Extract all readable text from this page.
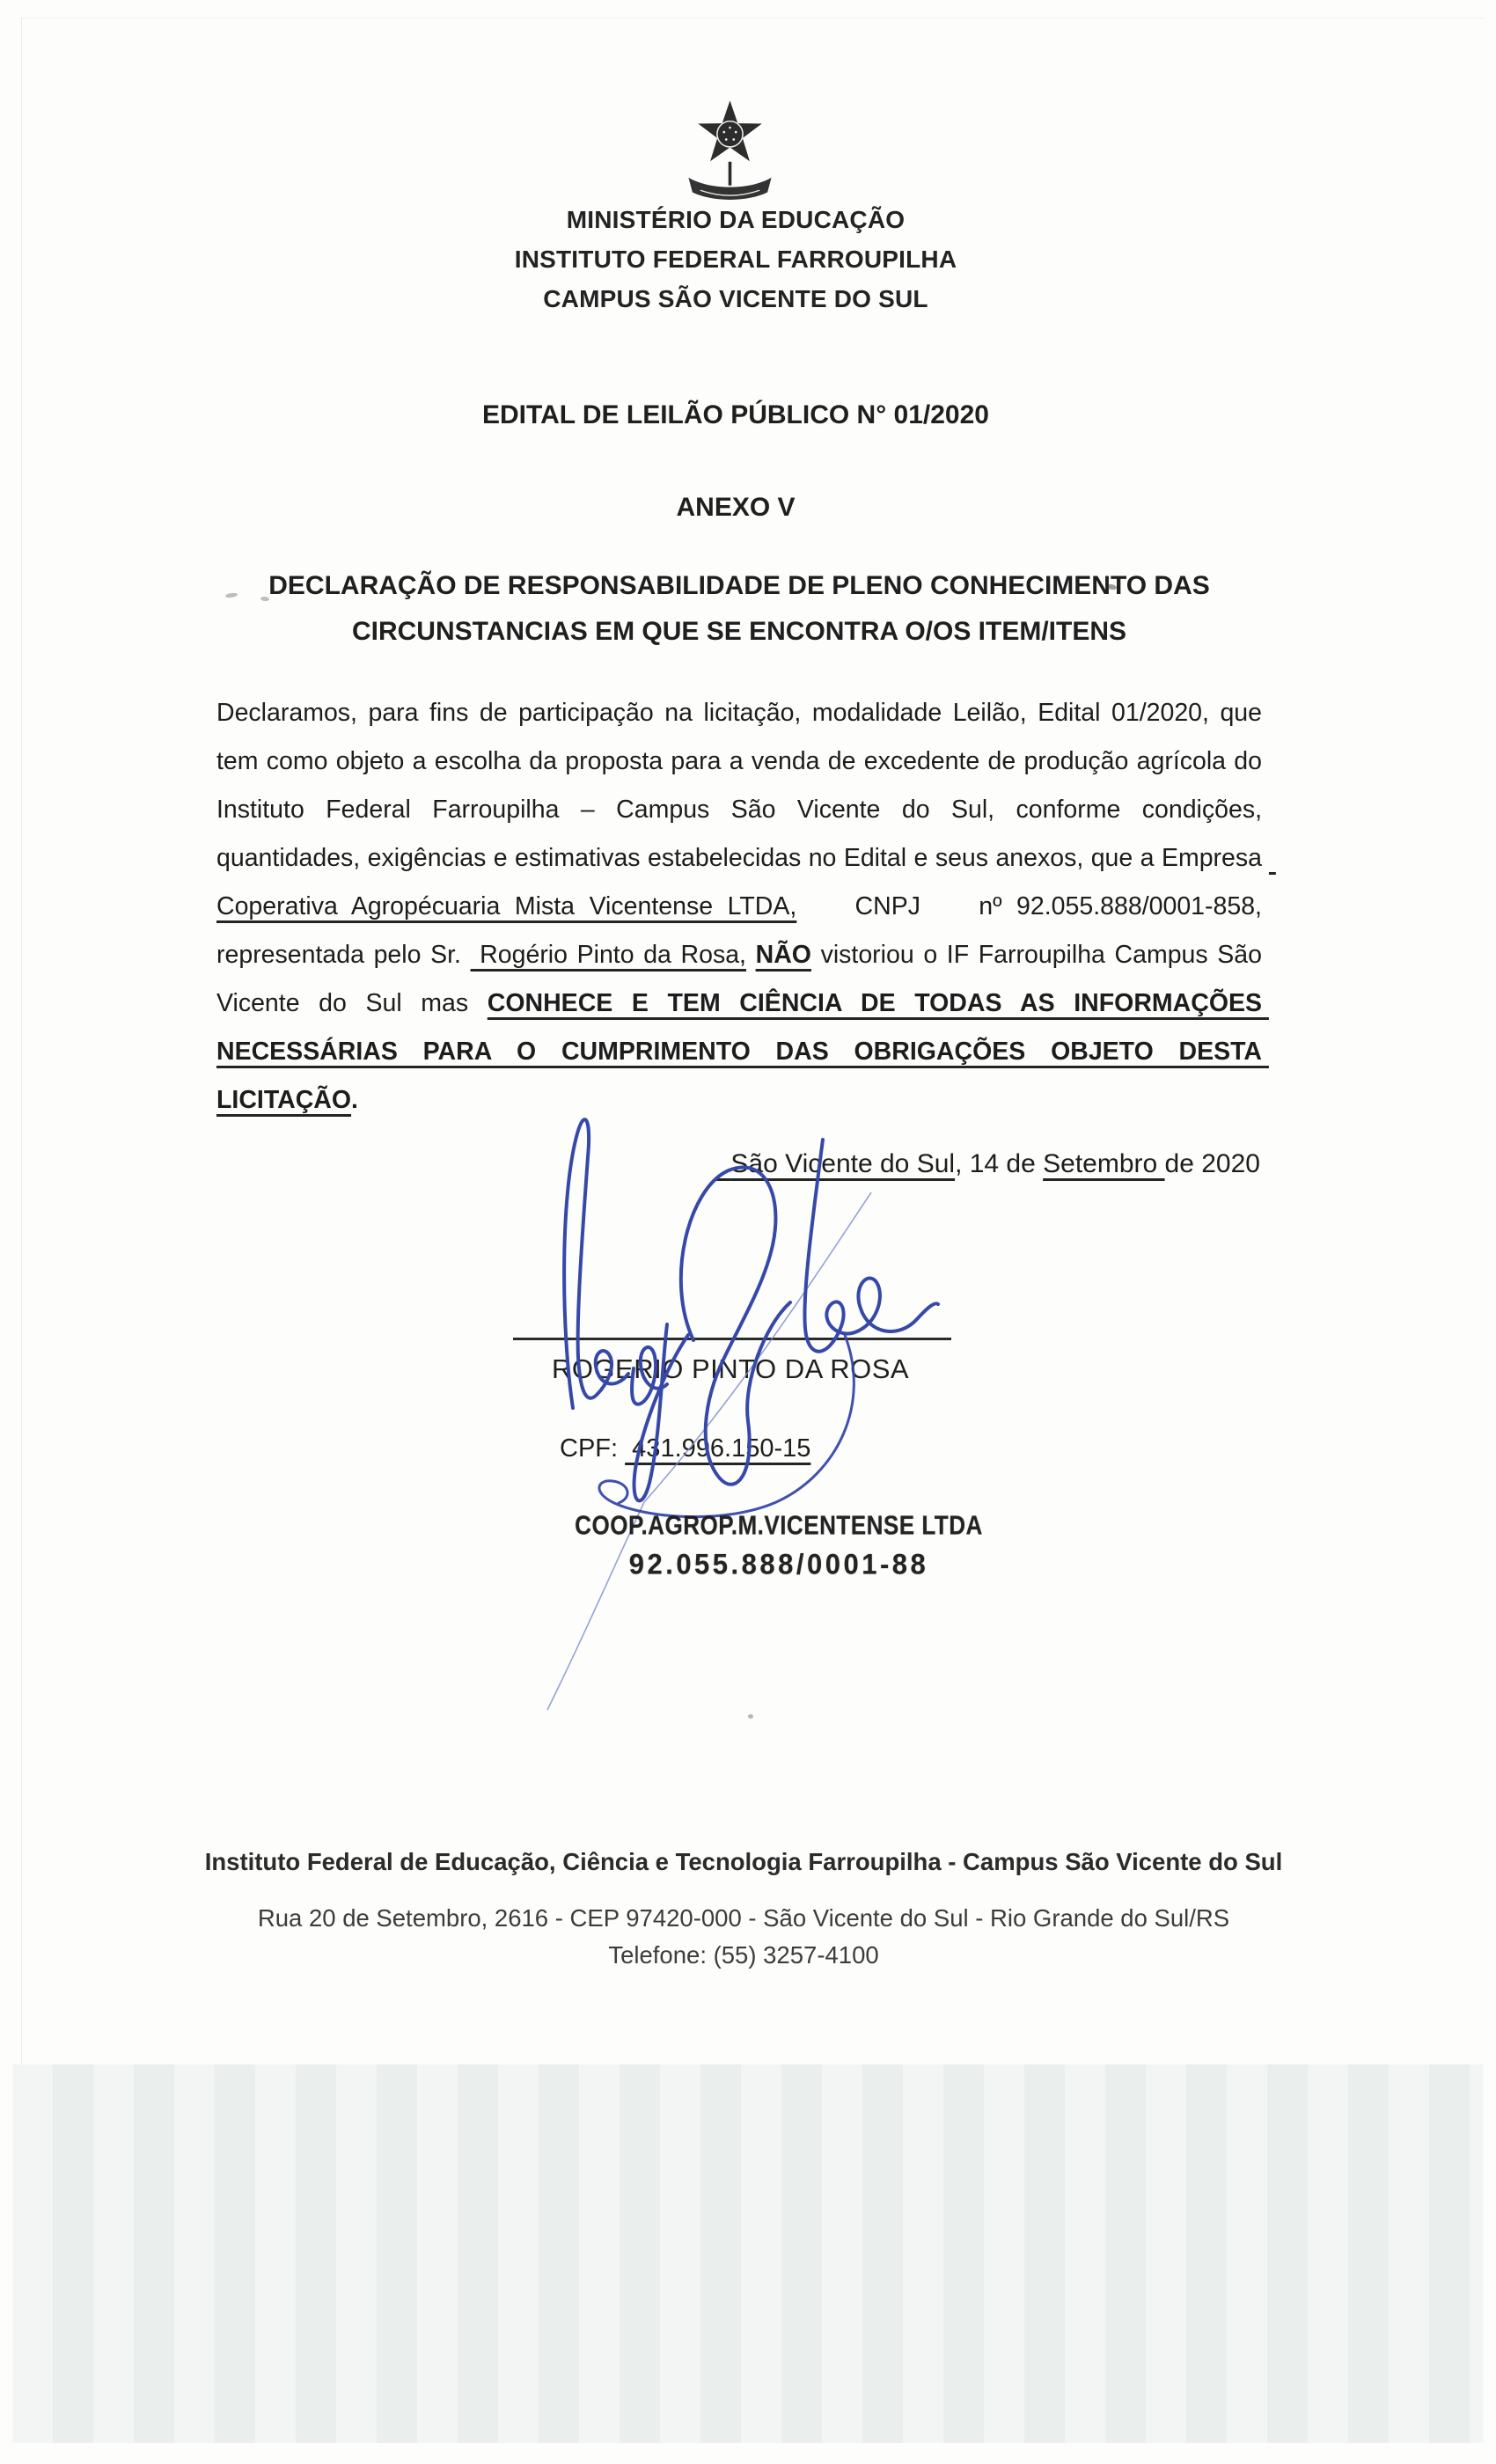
MINISTÉRIO DA EDUCAÇÃO
INSTITUTO FEDERAL FARROUPILHA
CAMPUS SÃO VICENTE DO SUL
EDITAL DE LEILÃO PÚBLICO N° 01/2020
ANEXO V
DECLARAÇÃO DE RESPONSABILIDADE DE PLENO CONHECIMENTO DAS CIRCUNSTANCIAS EM QUE SE ENCONTRA O/OS ITEM/ITENS
Declaramos, para fins de participação na licitação, modalidade Leilão, Edital 01/2020, que tem como objeto a escolha da proposta para a venda de excedente de produção agrícola do Instituto Federal Farroupilha – Campus São Vicente do Sul, conforme condições, quantidades, exigências e estimativas estabelecidas no Edital e seus anexos, que a Empresa  Coperativa Agropécuaria Mista Vicentense LTDA,    CNPJ    nº 92.055.888/0001-858, representada pelo Sr.  Rogério Pinto da Rosa, NÃO vistoriou o IF Farroupilha Campus São Vicente do Sul mas CONHECE E TEM CIÊNCIA DE TODAS AS INFORMAÇÕES NECESSÁRIAS PARA O CUMPRIMENTO DAS OBRIGAÇÕES OBJETO DESTA LICITAÇÃO.
São Vicente do Sul, 14 de Setembro de 2020
ROGERIO PINTO DA ROSA
CPF:  431.996.150-15
COOP.AGROP.M.VICENTENSE LTDA
92.055.888/0001-88
Instituto Federal de Educação, Ciência e Tecnologia Farroupilha - Campus São Vicente do Sul
Rua 20 de Setembro, 2616 - CEP 97420-000 - São Vicente do Sul - Rio Grande do Sul/RS
Telefone: (55) 3257-4100
